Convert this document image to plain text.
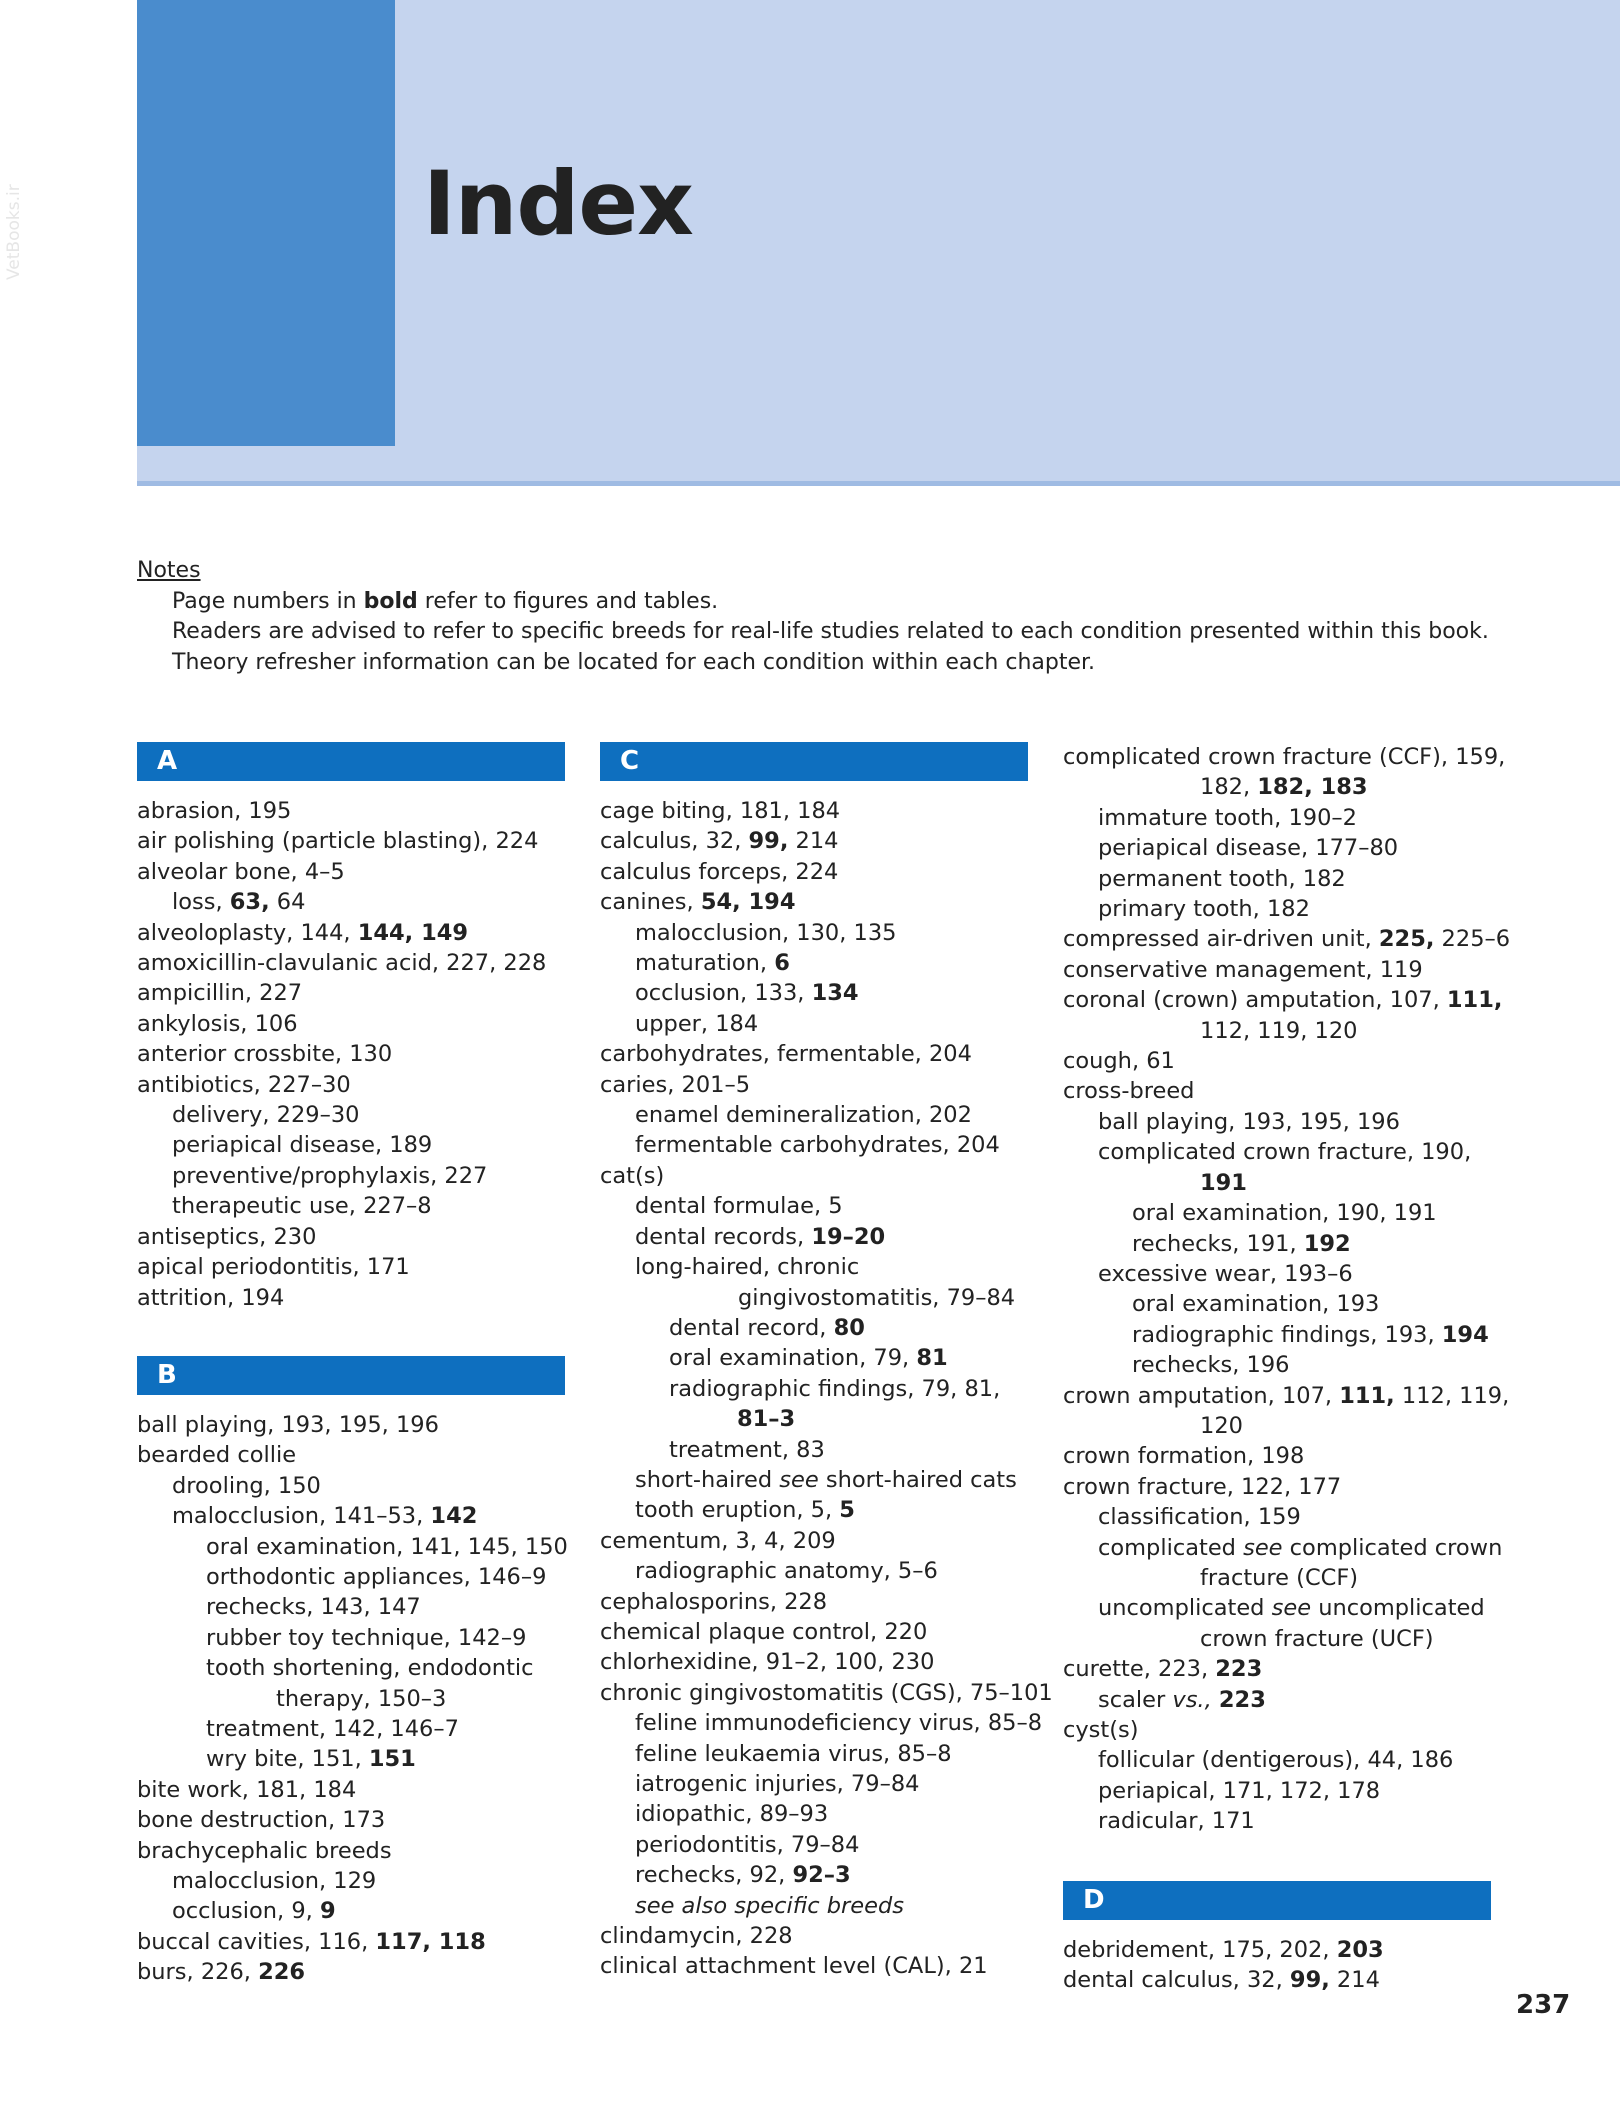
VetBooks.ir	Index
Notes
Page numbers in bold refer to figures and tables.
Readers are advised to refer to specific breeds for real-life studies related to each condition presented within this book.
Theory refresher information can be located for each condition within each chapter.
A
abrasion, 195
air polishing (particle blasting), 224
alveolar bone, 4–5
loss, 63, 64
alveoloplasty, 144, 144, 149
amoxicillin-clavulanic acid, 227, 228
ampicillin, 227
ankylosis, 106
anterior crossbite, 130
antibiotics, 227–30
delivery, 229–30
periapical disease, 189
preventive/prophylaxis, 227
therapeutic use, 227–8
antiseptics, 230
apical periodontitis, 171
attrition, 194
B
ball playing, 193, 195, 196
bearded collie
drooling, 150
malocclusion, 141–53, 142
oral examination, 141, 145, 150
orthodontic appliances, 146–9
rechecks, 143, 147
rubber toy technique, 142–9
tooth shortening, endodontic
therapy, 150–3
treatment, 142, 146–7
wry bite, 151, 151
bite work, 181, 184
bone destruction, 173
brachycephalic breeds
malocclusion, 129
occlusion, 9, 9
buccal cavities, 116, 117, 118
burs, 226, 226
C
cage biting, 181, 184
calculus, 32, 99, 214
calculus forceps, 224
canines, 54, 194
malocclusion, 130, 135
maturation, 6
occlusion, 133, 134
upper, 184
carbohydrates, fermentable, 204
caries, 201–5
enamel demineralization, 202
fermentable carbohydrates, 204
cat(s)
dental formulae, 5
dental records, 19–20
long-haired, chronic
gingivostomatitis, 79–84
dental record, 80
oral examination, 79, 81
radiographic findings, 79, 81,
81–3
treatment, 83
short-haired see short-haired cats
tooth eruption, 5, 5
cementum, 3, 4, 209
radiographic anatomy, 5–6
cephalosporins, 228
chemical plaque control, 220
chlorhexidine, 91–2, 100, 230
chronic gingivostomatitis (CGS), 75–101
feline immunodeficiency virus, 85–8
feline leukaemia virus, 85–8
iatrogenic injuries, 79–84
idiopathic, 89–93
periodontitis, 79–84
rechecks, 92, 92–3
see also specific breeds
clindamycin, 228
clinical attachment level (CAL), 21
complicated crown fracture (CCF), 159,
182, 182, 183
immature tooth, 190–2
periapical disease, 177–80
permanent tooth, 182
primary tooth, 182
compressed air-driven unit, 225, 225–6
conservative management, 119
coronal (crown) amputation, 107, 111,
112, 119, 120
cough, 61
cross-breed
ball playing, 193, 195, 196
complicated crown fracture, 190,
191
oral examination, 190, 191
rechecks, 191, 192
excessive wear, 193–6
oral examination, 193
radiographic findings, 193, 194
rechecks, 196
crown amputation, 107, 111, 112, 119,
120
crown formation, 198
crown fracture, 122, 177
classification, 159
complicated see complicated crown
fracture (CCF)
uncomplicated see uncomplicated
crown fracture (UCF)
curette, 223, 223
scaler vs., 223
cyst(s)
follicular (dentigerous), 44, 186
periapical, 171, 172, 178
radicular, 171
D
debridement, 175, 202, 203
dental calculus, 32, 99, 214
237
